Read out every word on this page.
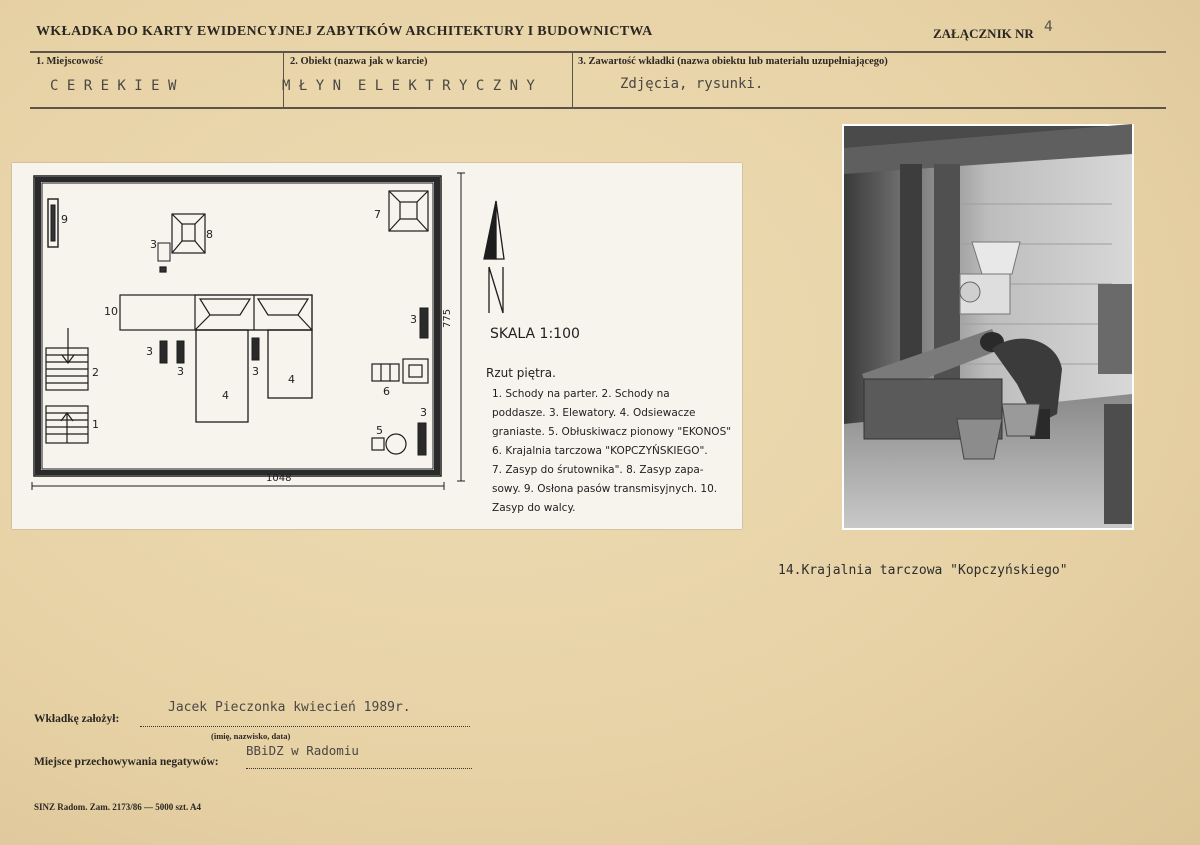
WKŁADKA DO KARTY EWIDENCYJNEJ ZABYTKÓW ARCHITEKTURY I BUDOWNICTWA	ZAŁĄCZNIK NR 4
1. Miejscowość	2. Obiekt (nazwa jak w karcie)	3. Zawartość wkładki (nazwa obiektu lub materiału uzupełniającego)
C E R E K I E W	M Ł Y N  E L E K T R Y C Z N Y	Zdjęcia, rysunki.
9
8
3
7
10
3
3	3
3
3
4
4
2
1
6
5
1048
775
SKALA 1:100
Rzut piętra.
1. Schody na parter. 2. Schody na
poddasze. 3. Elewatory. 4. Odsiewacze
graniaste. 5. Obłuskiwacz pionowy "EKONOS"
6. Krajalnia tarczowa "KOPCZYŃSKIEGO".
7. Zasyp do śrutownika". 8. Zasyp zapa-
sowy. 9. Osłona pasów transmisyjnych. 10.
Zasyp do walcy.
14.Krajalnia tarczowa "Kopczyńskiego"
Wkładkę założył:
Jacek Pieczonka kwiecień 1989r.
(imię, nazwisko, data)
Miejsce przechowywania negatywów:
BBiDZ w Radomiu
SINZ Radom. Zam. 2173/86 — 5000 szt. A4
